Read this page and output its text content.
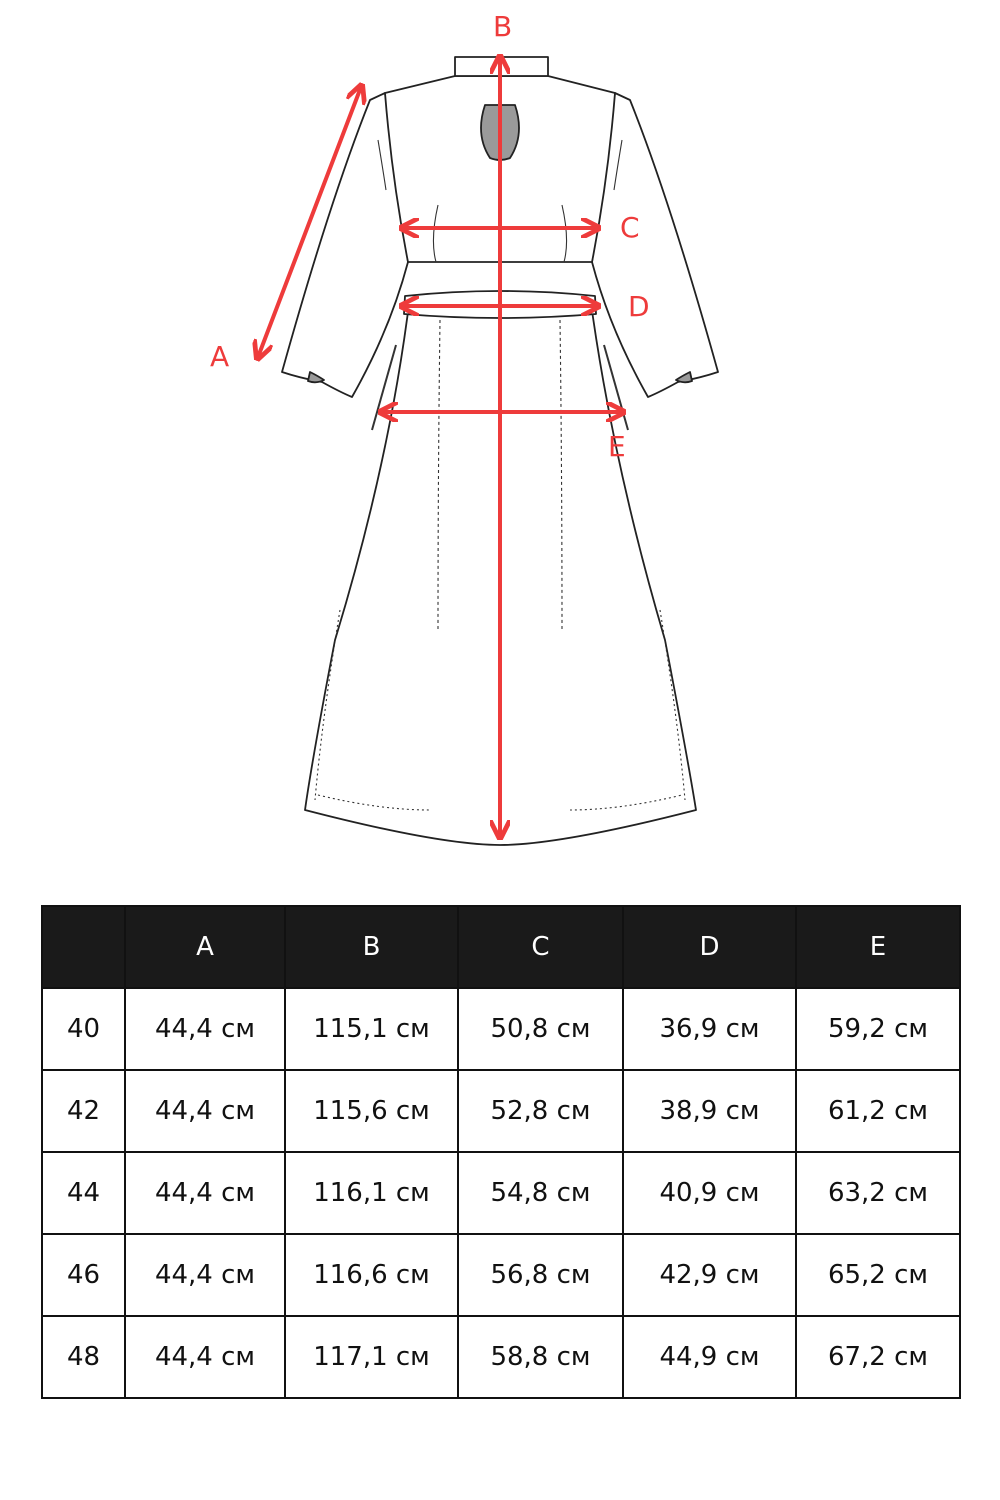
A
B
C
D
E
	A	B	C	D	E
40	44,4 см	115,1 см	50,8 см	36,9 см	59,2 см
42	44,4 см	115,6 см	52,8 см	38,9 см	61,2 см
44	44,4 см	116,1 см	54,8 см	40,9 см	63,2 см
46	44,4 см	116,6 см	56,8 см	42,9 см	65,2 см
48	44,4 см	117,1 см	58,8 см	44,9 см	67,2 см
